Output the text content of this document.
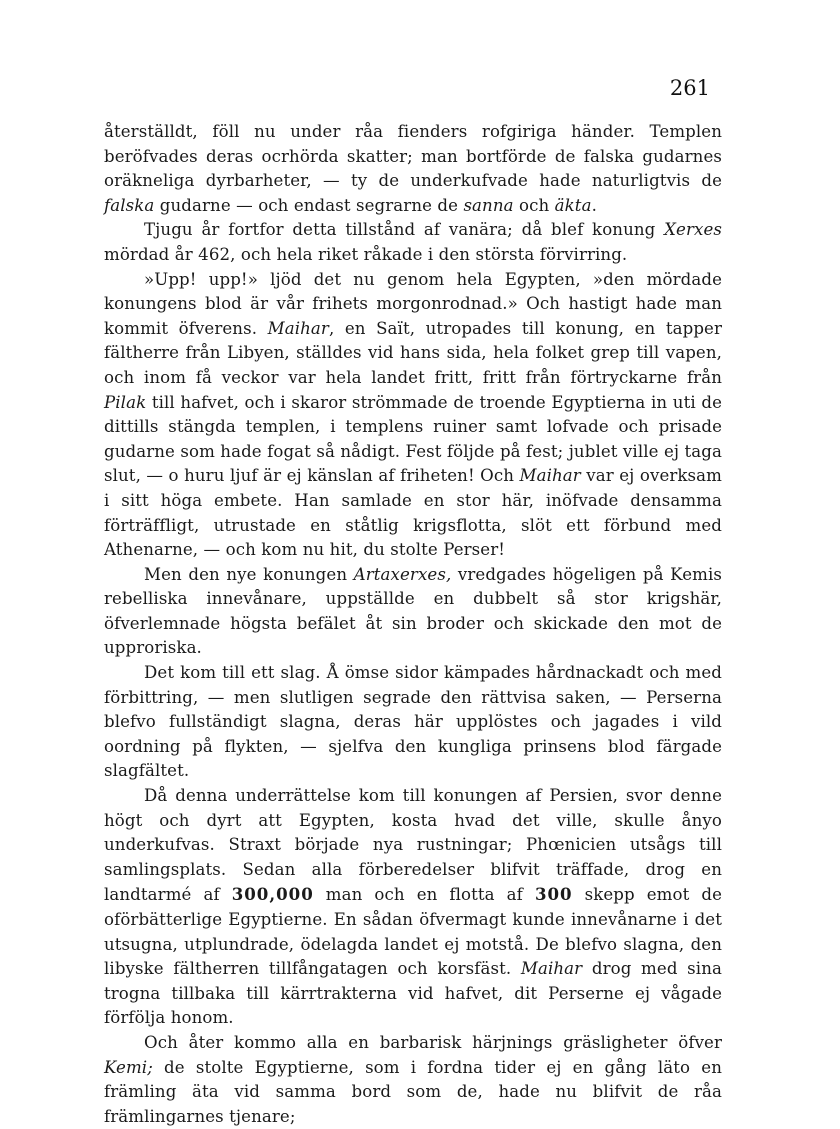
261

återställdt, föll nu under råa fienders rofgiriga händer. Templen beröfvades deras ocrhörda skatter; man bortförde de falska gudarnes oräkneliga dyrbarheter, — ty de underkufvade hade naturligtvis de falska gudarne — och endast segrarne de sanna och äkta.

Tjugu år fortfor detta tillstånd af vanära; då blef konung Xerxes mördad år 462, och hela riket råkade i den största förvirring.

»Upp! upp!» ljöd det nu genom hela Egypten, »den mördade konungens blod är vår frihets morgonrodnad.» Och hastigt hade man kommit öfverens. Maihar, en Saït, utropades till konung, en tapper fältherre från Libyen, ställdes vid hans sida, hela folket grep till vapen, och inom få veckor var hela landet fritt, fritt från förtryckarne från Pilak till hafvet, och i skaror strömmade de troende Egyptierna in uti de dittills stängda templen, i templens ruiner samt lofvade och prisade gudarne som hade fogat så nådigt. Fest följde på fest; jublet ville ej taga slut, — o huru ljuf är ej känslan af friheten! Och Maihar var ej overksam i sitt höga embete. Han samlade en stor här, inöfvade densamma förträffligt, utrustade en ståtlig krigsflotta, slöt ett förbund med Athenarne, — och kom nu hit, du stolte Perser!

Men den nye konungen Artaxerxes, vredgades högeligen på Kemis rebelliska innevånare, uppställde en dubbelt så stor krigshär, öfverlemnade högsta befälet åt sin broder och skickade den mot de upproriska.

Det kom till ett slag. Å ömse sidor kämpades hårdnackadt och med förbittring, — men slutligen segrade den rättvisa saken, — Perserna blefvo fullständigt slagna, deras här upplöstes och jagades i vild oordning på flykten, — sjelfva den kungliga prinsens blod färgade slagfältet.

Då denna underrättelse kom till konungen af Persien, svor denne högt och dyrt att Egypten, kosta hvad det ville, skulle ånyo underkufvas. Straxt började nya rustningar; Phœnicien utsågs till samlingsplats. Sedan alla förberedelser blifvit träffade, drog en landtarmé af 300,000 man och en flotta af 300 skepp emot de oförbätterlige Egyptierne. En sådan öfvermagt kunde innevånarne i det utsugna, utplundrade, ödelagda landet ej motstå. De blefvo slagna, den libyske fältherren tillfångatagen och korsfäst. Maihar drog med sina trogna tillbaka till kärrtrakterna vid hafvet, dit Perserne ej vågade förfölja honom.

Och åter kommo alla en barbarisk härjnings gräsligheter öfver Kemi; de stolte Egyptierne, som i fordna tider ej en gång läto en främling äta vid samma bord som de, hade nu blifvit de råa främlingarnes tjenare;
